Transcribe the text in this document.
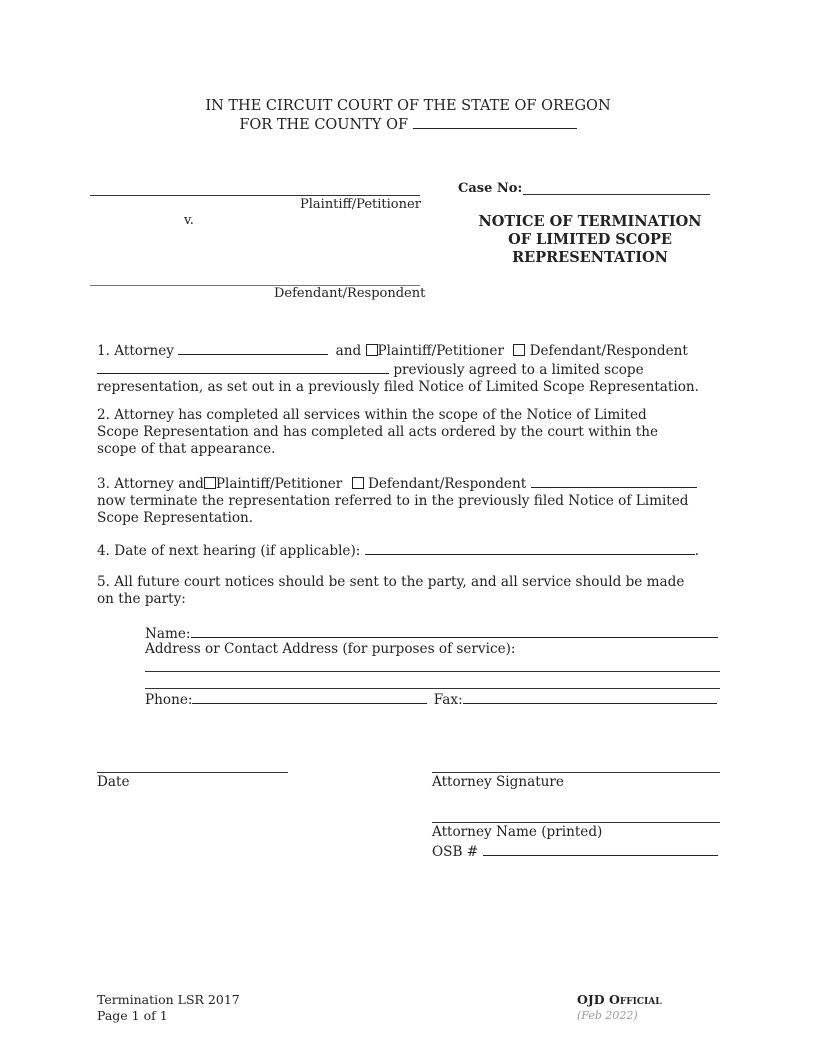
IN THE CIRCUIT COURT OF THE STATE OF OREGON
FOR THE COUNTY OF
Plaintiff/Petitioner
v.
Defendant/Respondent
Case No:
NOTICE OF TERMINATION
OF LIMITED SCOPE
REPRESENTATION
1. Attorney	and Plaintiff/Petitioner Defendant/Respondent
previously agreed to a limited scope
representation, as set out in a previously filed Notice of Limited Scope Representation.

2. Attorney has completed all services within the scope of the Notice of Limited Scope Representation and has completed all acts ordered by the court within the scope of that appearance.

3. Attorney and Plaintiff/Petitioner Defendant/Respondent
now terminate the representation referred to in the previously filed Notice of Limited Scope Representation.
4. Date of next hearing (if applicable):	.

5. All future court notices should be sent to the party, and all service should be made on the party:

Name:
Address or Contact Address (for purposes of service):
Phone:	Fax:
Date	Attorney Signature
Attorney Name (printed)
OSB #
Termination LSR 2017
Page 1 of 1
OJD Official
(Feb 2022)
